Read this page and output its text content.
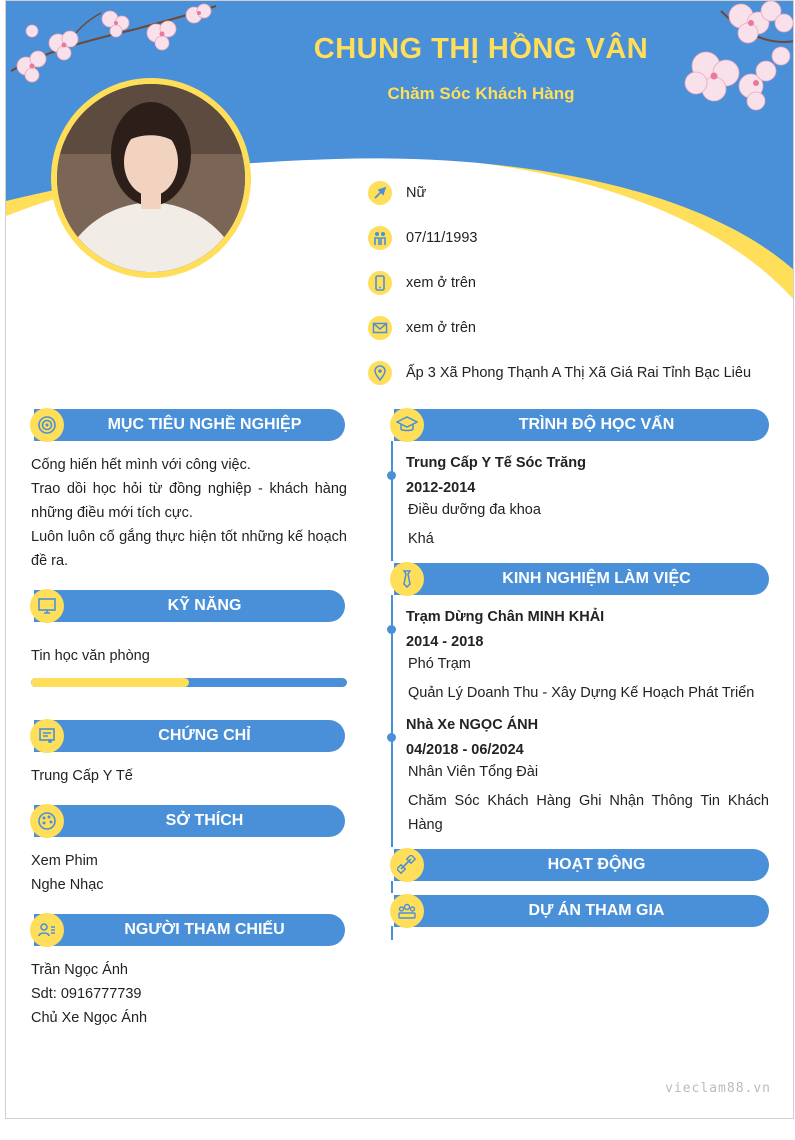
CHUNG THỊ HỒNG VÂN
Chăm Sóc Khách Hàng
Nữ
07/11/1993
xem ở trên
xem ở trên
Ấp 3 Xã Phong Thạnh A Thị Xã Giá Rai Tỉnh Bạc Liêu
MỤC TIÊU NGHỀ NGHIỆP
Cống hiến hết mình với công việc.
Trao dồi học hỏi từ đồng nghiệp - khách hàng những điều mới tích cực.
Luôn luôn cố gắng thực hiện tốt những kế hoạch đề ra.
KỸ NĂNG
Tin học văn phòng
CHỨNG CHỈ
Trung Cấp Y Tế
SỞ THÍCH
Xem Phim
Nghe Nhạc
NGƯỜI THAM CHIẾU
Trần Ngọc Ánh
Sdt: 0916777739
Chủ Xe Ngọc Ánh
TRÌNH ĐỘ HỌC VẤN
Trung Cấp Y Tế Sóc Trăng
2012-2014
Điều dưỡng đa khoa
Khá
KINH NGHIỆM LÀM VIỆC
Trạm Dừng Chân MINH KHẢI
2014 - 2018
Phó Trạm
Quản Lý Doanh Thu - Xây Dựng Kế Hoạch Phát Triển
Nhà Xe NGỌC ÁNH
04/2018 - 06/2024
Nhân Viên Tổng Đài
Chăm Sóc Khách Hàng Ghi Nhận Thông Tin Khách Hàng
HOẠT ĐỘNG
DỰ ÁN THAM GIA
vieclam88.vn
